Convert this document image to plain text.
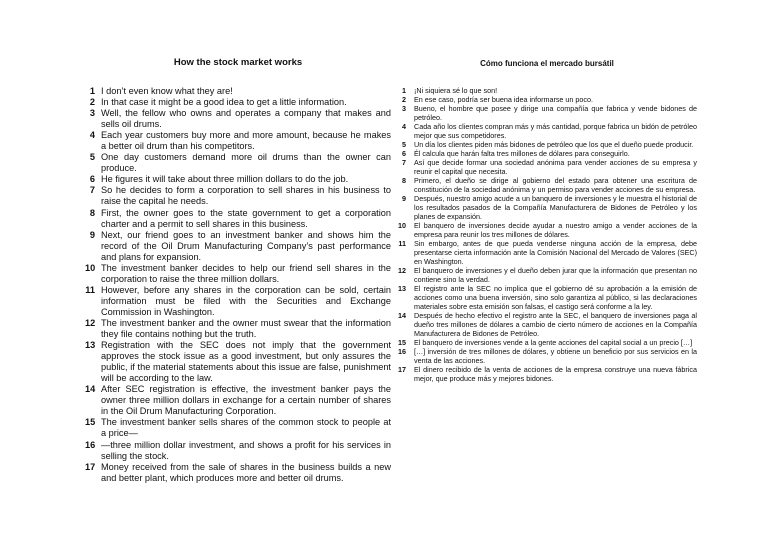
How the stock market works
1 I don’t even know what they are!
2 In that case it might be a good idea to get a little information.
3 Well, the fellow who owns and operates a company that makes and sells oil drums.
4 Each year customers buy more and more amount, because he makes a better oil drum than his competitors.
5 One day customers demand more oil drums than the owner can produce.
6 He figures it will take about three million dollars to do the job.
7 So he decides to form a corporation to sell shares in his business to raise the capital he needs.
8 First, the owner goes to the state government to get a corporation charter and a permit to sell shares in this business.
9 Next, our friend goes to an investment banker and shows him the record of the Oil Drum Manufacturing Company’s past performance and plans for expansion.
10 The investment banker decides to help our friend sell shares in the corporation to raise the three million dollars.
11 However, before any shares in the corporation can be sold, certain information must be filed with the Securities and Exchange Commission in Washington.
12 The investment banker and the owner must swear that the information they file contains nothing but the truth.
13 Registration with the SEC does not imply that the government approves the stock issue as a good investment, but only assures the public, if the material statements about this issue are false, punishment will be according to the law.
14 After SEC registration is effective, the investment banker pays the owner three million dollars in exchange for a certain number of shares in the Oil Drum Manufacturing Corporation.
15 The investment banker sells shares of the common stock to people at a price—
16 —three million dollar investment, and shows a profit for his services in selling the stock.
17 Money received from the sale of shares in the business builds a new and better plant, which produces more and better oil drums.
Cómo funciona el mercado bursátil
1 ¡Ni siquiera sé lo que son!
2 En ese caso, podría ser buena idea informarse un poco.
3 Bueno, el hombre que posee y dirige una compañía que fabrica y vende bidones de petróleo.
4 Cada año los clientes compran más y más cantidad, porque fabrica un bidón de petróleo mejor que sus competidores.
5 Un día los clientes piden más bidones de petróleo que los que el dueño puede producir.
6 Él calcula que harán falta tres millones de dólares para conseguirlo.
7 Así que decide formar una sociedad anónima para vender acciones de su empresa y reunir el capital que necesita.
8 Primero, el dueño se dirige al gobierno del estado para obtener una escritura de constitución de la sociedad anónima y un permiso para vender acciones de su empresa.
9 Después, nuestro amigo acude a un banquero de inversiones y le muestra el historial de los resultados pasados de la Compañía Manufacturera de Bidones de Petróleo y los planes de expansión.
10 El banquero de inversiones decide ayudar a nuestro amigo a vender acciones de la empresa para reunir los tres millones de dólares.
11 Sin embargo, antes de que pueda venderse ninguna acción de la empresa, debe presentarse cierta información ante la Comisión Nacional del Mercado de Valores (SEC) en Washington.
12 El banquero de inversiones y el dueño deben jurar que la información que presentan no contiene sino la verdad.
13 El registro ante la SEC no implica que el gobierno dé su aprobación a la emisión de acciones como una buena inversión, sino solo garantiza al público, si las declaraciones materiales sobre esta emisión son falsas, el castigo será conforme a la ley.
14 Después de hecho efectivo el registro ante la SEC, el banquero de inversiones paga al dueño tres millones de dólares a cambio de cierto número de acciones en la Compañía Manufacturera de Bidones de Petróleo.
15 El banquero de inversiones vende a la gente acciones del capital social a un precio […]
16 […] inversión de tres millones de dólares, y obtiene un beneficio por sus servicios en la venta de las acciones.
17 El dinero recibido de la venta de acciones de la empresa construye una nueva fábrica mejor, que produce más y mejores bidones.
